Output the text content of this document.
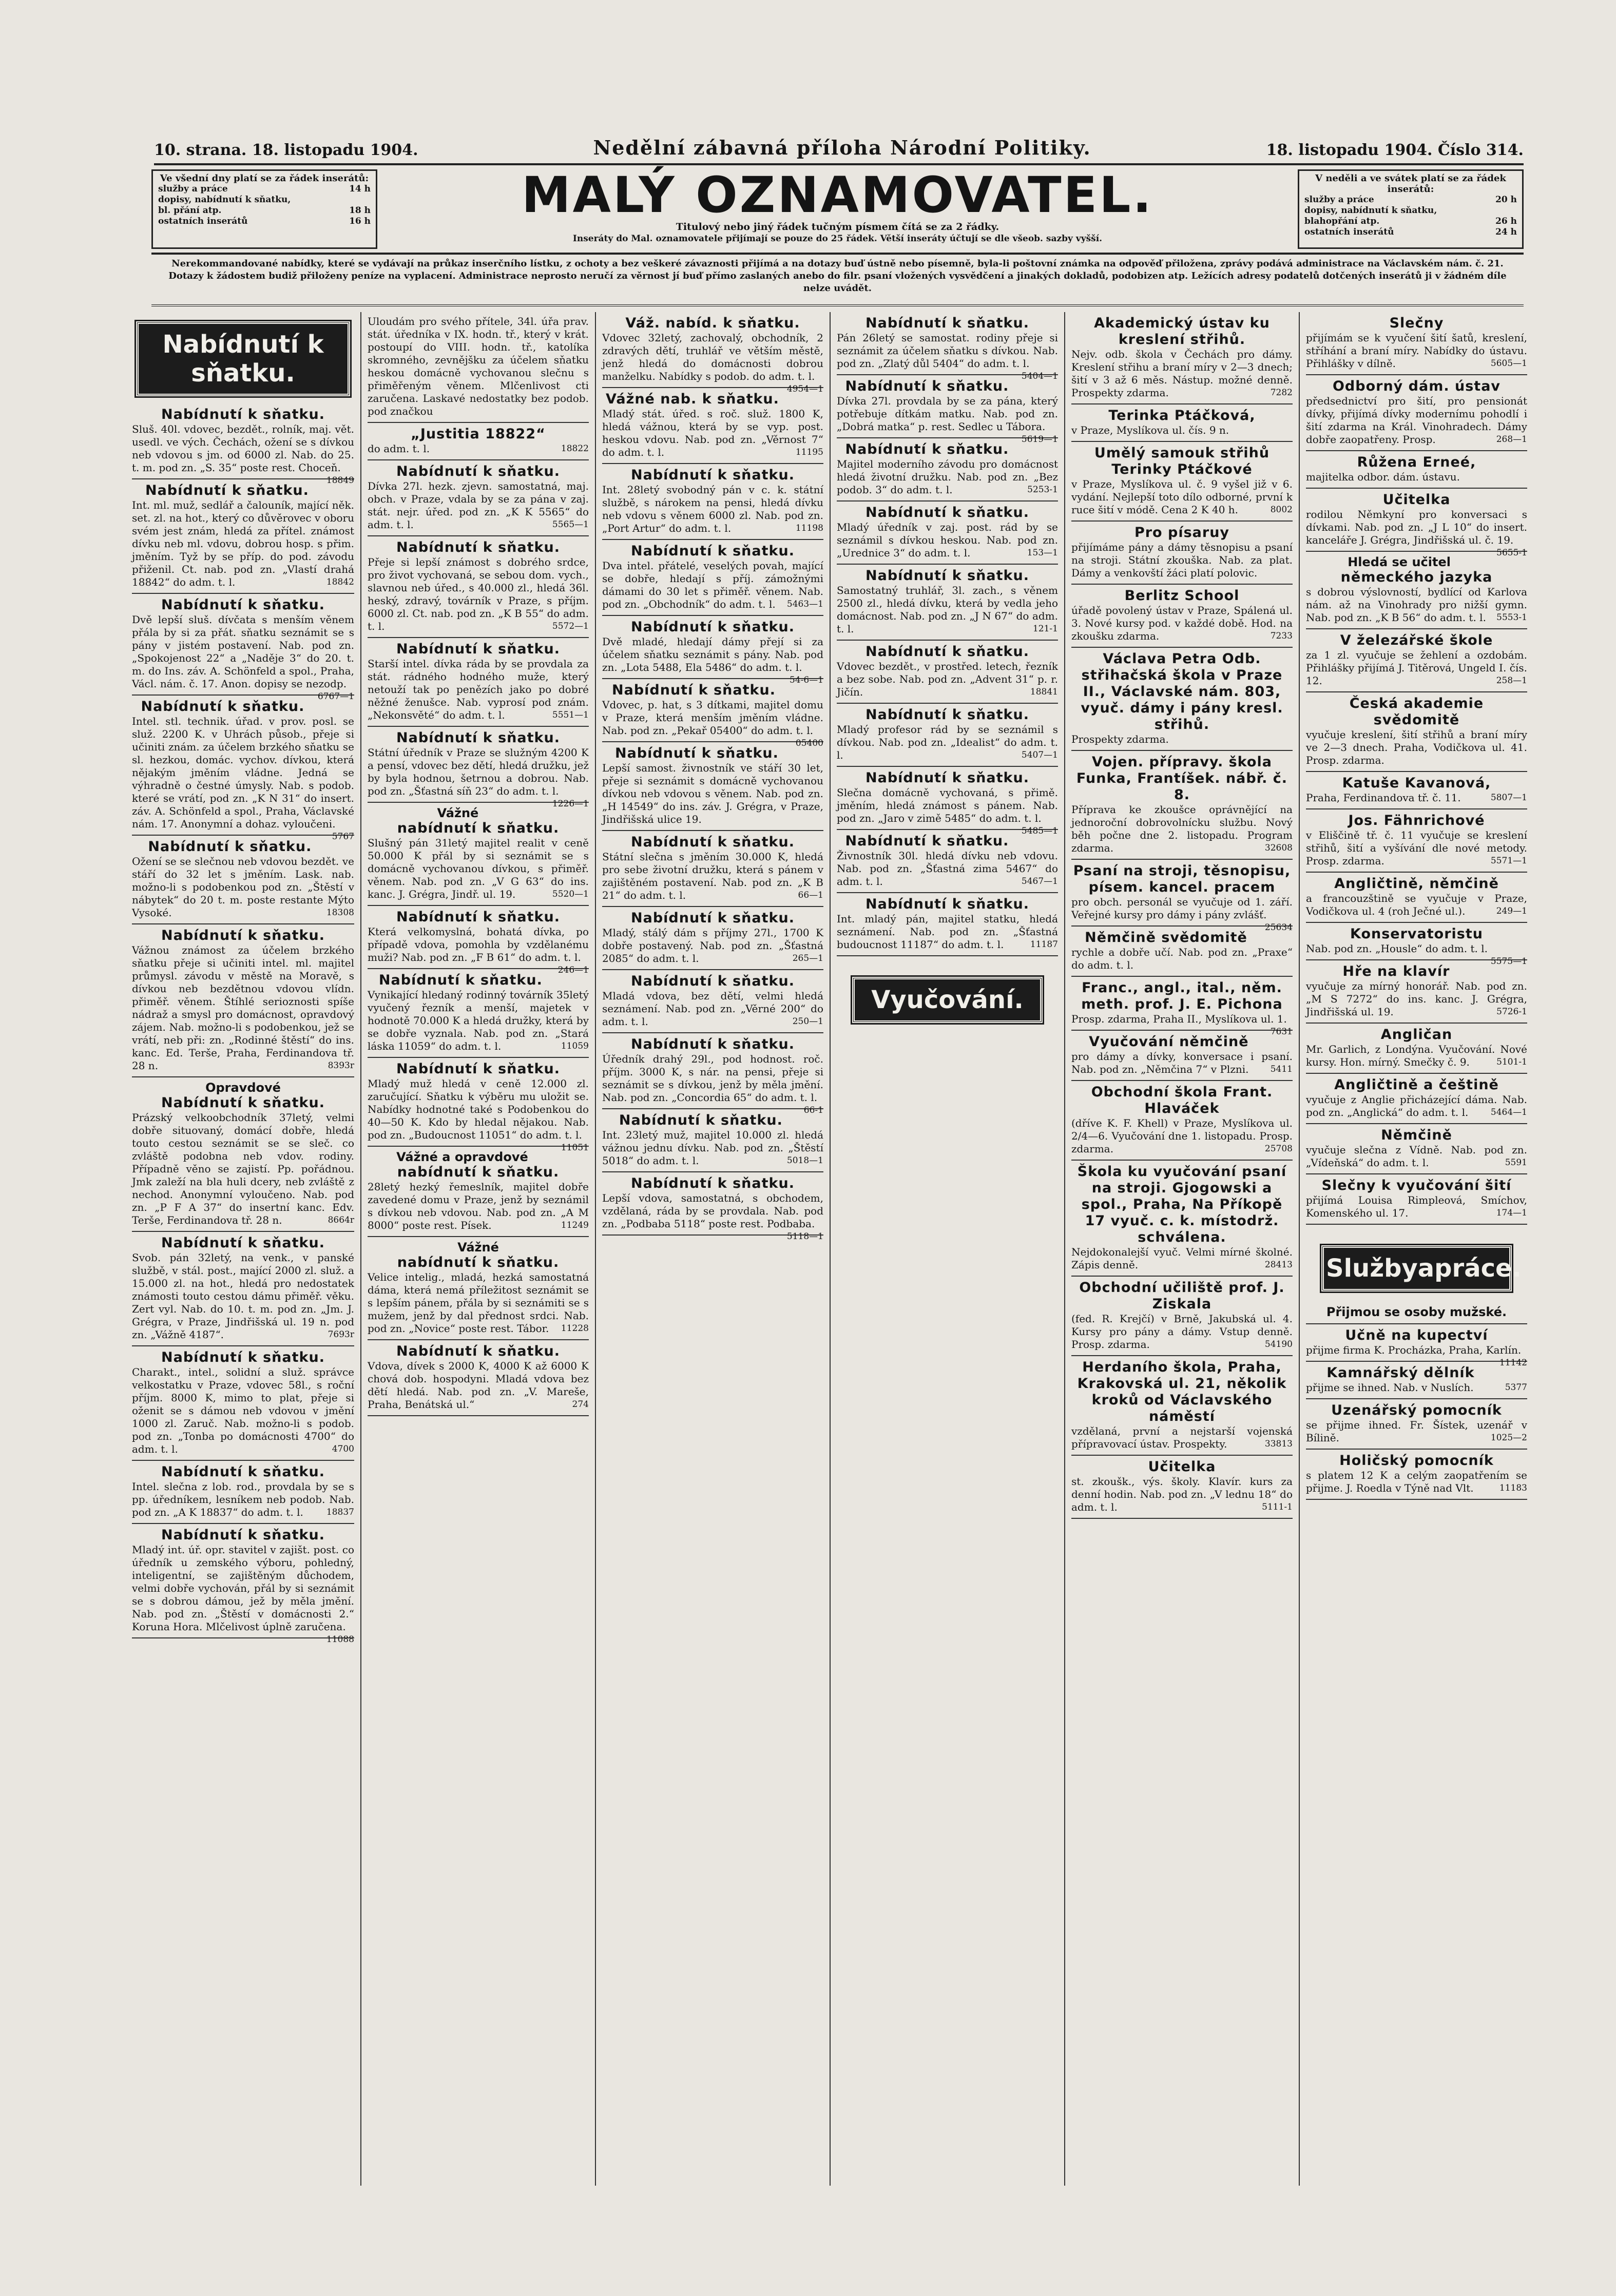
10. strana. 18. listopadu 1904.	Nedělní zábavná příloha Národní Politiky.	18. listopadu 1904. Číslo 314.
Ve všední dny platí se za řádek inserátů:
služby a práce	14 h
dopisy, nabídnutí k sňatku,
bl. přání atp.	18 h
ostatních inserátů	16 h	MALÝ OZNAMOVATEL.
Titulový nebo jiný řádek tučným písmem čítá se za 2 řádky.
Inseráty do Mal. oznamovatele přijímají se pouze do 25 řádek. Větší inseráty účtují se dle všeob. sazby vyšší.
V neděli a ve svátek platí se za řádek inserátů:
služby a práce	20 h
dopisy, nabídnutí k sňatku,
blahopřání atp.	26 h
ostatních inserátů	24 h
Nerekommandované nabídky, které se vydávají na průkaz inserčního lístku, z ochoty a bez veškeré závaznosti přijímá a na dotazy buď ústně nebo písemně, byla-li poštovní známka na odpověď přiložena, zprávy podává administrace na Václavském nám. č. 21. Dotazy k žádostem budiž přiloženy peníze na vyplacení. Administrace neprosto neručí za věrnost jí buď přímo zaslaných anebo do filr. psaní vložených vysvědčení a jinakých dokladů, podobizen atp. Ležících adresy podatelů dotčených inserátů ji v žádném díle nelze uvádět.
Nabídnutí k sňatku.
Nabídnutí k sňatku.
Sluš. 40l. vdovec, bezdět., rolník, maj. vět. usedl. ve vých. Čechách, ožení se s dívkou neb vdovou s jm. od 6000 zl. Nab. do 25. t. m. pod zn. „S. 35“ poste rest. Choceň.
18849
Nabídnutí k sňatku.
Int. ml. muž, sedlář a čalouník, mající něk. set. zl. na hot., který co důvěrovec v oboru svém jest znám, hledá za přítel. známost dívku neb ml. vdovu, dobrou hosp. s přim. jměním. Tyž by se příp. do pod. závodu přiženil. Ct. nab. pod zn. „Vlastí drahá 18842“ do adm. t. l.	18842
Nabídnutí k sňatku.
Dvě lepší sluš. dívčata s menším věnem přála by si za přát. sňatku seznámit se s pány v jistém postavení. Nab. pod zn. „Spokojenost 22“ a „Naděje 3“ do 20. t. m. do Ins. záv. A. Schönfeld a spol., Praha, Václ. nám. č. 17. Anon. dopisy se nezodp.
6767—1
Nabídnutí k sňatku.
Intel. stl. technik. úřad. v prov. posl. se služ. 2200 K. v Uhrách působ., přeje si učiniti znám. za účelem brzkého sňatku se sl. hezkou, domác. vychov. dívkou, která nějakým jměním vládne. Jedná se výhradně o čestné úmysly. Nab. s podob. které se vrátí, pod zn. „K N 31“ do insert. záv. A. Schönfeld a spol., Praha, Václavské nám. 17. Anonymní a dohaz. vyloučeni.
5767
Nabídnutí k sňatku.
Ožení se se slečnou neb vdovou bezdět. ve stáří do 32 let s jměním. Lask. nab. možno-li s podobenkou pod zn. „Štěstí v nábytek“ do 20 t. m. poste restante Mýto Vysoké.	18308
Nabídnutí k sňatku.
Vážnou známost za účelem brzkého sňatku přeje si učiniti intel. ml. majitel průmysl. závodu v městě na Moravě, s dívkou neb bezdětnou vdovou vlídn. přiměř. věnem. Štíhlé serioznosti spíše nádraž a smysl pro domácnost, opravdový zájem. Nab. možno-li s podobenkou, jež se vrátí, neb při: zn. „Rodinné štěstí“ do ins. kanc. Ed. Terše, Praha, Ferdinandova tř. 28 n.	8393r
Opravdové
Nabídnutí k sňatku.
Prázský velkoobchodník 37letý, velmi dobře situovaný, domácí dobře, hledá touto cestou seznámit se se sleč. co zvláště podobna neb vdov. rodiny. Případně věno se zajistí. Pp. pořádnou. Jmk zaleží na bla huli dcery, neb zvláště z nechod. Anonymní vyloučeno. Nab. pod zn. „P F A 37“ do insertní kanc. Edv. Terše, Ferdinandova tř. 28 n.	8664r
Nabídnutí k sňatku.
Svob. pán 32letý, na venk., v panské službě, v stál. post., mající 2000 zl. služ. a 15.000 zl. na hot., hledá pro nedostatek známosti touto cestou dámu přiměř. věku. Zert vyl. Nab. do 10. t. m. pod zn. „Jm. J. Grégra, v Praze, Jindřišská ul. 19 n. pod zn. „Vážně 4187“.	7693r
Nabídnutí k sňatku.
Charakt., intel., solidní a služ. správce velkostatku v Praze, vdovec 58l., s roční příjm. 8000 K, mimo to plat, přeje si oženit se s dámou neb vdovou v jmění 1000 zl. Zaruč. Nab. možno-li s podob. pod zn. „Tonba po domácnosti 4700“ do adm. t. l.	4700
Nabídnutí k sňatku.
Intel. slečna z lob. rod., provdala by se s pp. úředníkem, lesníkem neb podob. Nab. pod zn. „A K 18837“ do adm. t. l.	18837
Nabídnutí k sňatku.
Mladý int. úř. opr. stavitel v zajišt. post. co úředník u zemského výboru, pohledný, inteligentní, se zajištěným důchodem, velmi dobře vychován, přál by si seznámit se s dobrou dámou, jež by měla jmění. Nab. pod zn. „Štěstí v domácnosti 2.“ Koruna Hora. Mlčelivost úplně zaručena.
11088
Uloudám pro svého přítele, 34l. úřa prav. stát. úředníka v IX. hodn. tř., který v krát. postoupí do VIII. hodn. tř., katolíka skromného, zevnějšku za účelem sňatku heskou domácně vychovanou slečnu s přiměřeným věnem. Mlčenlivost cti zaručena. Laskavé nedostatky bez podob. pod značkou
„Justitia 18822“
do adm. t. l.	18822
Nabídnutí k sňatku.
Dívka 27l. hezk. zjevn. samostatná, maj. obch. v Praze, vdala by se za pána v zaj. stát. nejr. úřed. pod zn. „K K 5565“ do adm. t. l.	5565—1
Nabídnutí k sňatku.
Přeje si lepší známost s dobrého srdce, pro život vychovaná, se sebou dom. vych., slavnou neb úřed., s 40.000 zl., hledá 36l. heský, zdravý, továrník v Praze, s příjm. 6000 zl. Ct. nab. pod zn. „K B 55“ do adm. t. l.	5572—1
Nabídnutí k sňatku.
Starší intel. dívka ráda by se provdala za stát. rádného hodného muže, který netouží tak po penězích jako po dobré něžné ženušce. Nab. vyprosí pod znám. „Nekonsvěté“ do adm. t. l.	5551—1
Nabídnutí k sňatku.
Státní úředník v Praze se služným 4200 K a pensí, vdovec bez dětí, hledá družku, jež by byla hodnou, šetrnou a dobrou. Nab. pod zn. „Šťastná síň 23“ do adm. t. l.
1226—1
Vážné
nabídnutí k sňatku.
Slušný pán 31letý majitel realit v ceně 50.000 K přál by si seznámit se s domácně vychovanou dívkou, s přiměř. věnem. Nab. pod zn. „V G 63“ do ins. kanc. J. Grégra, Jindř. ul. 19.	5520—1
Nabídnutí k sňatku.
Která velkomyslná, bohatá dívka, po případě vdova, pomohla by vzdělanému muži? Nab. pod zn. „F B 61“ do adm. t. l.
246—1
Nabídnutí k sňatku.
Vynikající hledaný rodinný továrník 35letý vyučený řezník a menší, majetek v hodnotě 70.000 K a hledá družky, která by se dobře vyznala. Nab. pod zn. „Stará láska 11059“ do adm. t. l.	11059
Nabídnutí k sňatku.
Mladý muž hledá v ceně 12.000 zl. zaručující. Sňatku k výběru mu uložit se. Nabídky hodnotné také s Podobenkou do 40—50 K. Kdo by hledal nějakou. Nab. pod zn. „Budoucnost 11051“ do adm. t. l.
11051
Vážné a opravdové
nabídnutí k sňatku.
28letý hezký řemeslník, majitel dobře zavedené domu v Praze, jenž by seznámil s dívkou neb vdovou. Nab. pod zn. „A M 8000“ poste rest. Písek.	11249
Vážné
nabídnutí k sňatku.
Velice intelig., mladá, hezká samostatná dáma, která nemá příležitost seznámit se s lepším pánem, přála by si seznámiti se s mužem, jenž by dal přednost srdci. Nab. pod zn. „Novice“ poste rest. Tábor.	11228
Nabídnutí k sňatku.
Vdova, dívek s 2000 K, 4000 K až 6000 K chová dob. hospodyni. Mladá vdova bez dětí hledá. Nab. pod zn. „V. Mareše, Praha, Benátská ul.“	274
Váž. nabíd. k sňatku.
Vdovec 32letý, zachovalý, obchodník, 2 zdravých dětí, truhlář ve větším městě, jenž hledá do domácnosti dobrou manželku. Nabídky s podob. do adm. t. l.
4954—1
Vážné nab. k sňatku.
Mladý stát. úřed. s roč. služ. 1800 K, hledá vážnou, která by se vyp. post. heskou vdovu. Nab. pod zn. „Věrnost 7“ do adm. t. l.	11195
Nabídnutí k sňatku.
Int. 28letý svobodný pán v c. k. státní službě, s nárokem na pensi, hledá dívku neb vdovu s věnem 6000 zl. Nab. pod zn. „Port Artur“ do adm. t. l.	11198
Nabídnutí k sňatku.
Dva intel. přátelé, veselých povah, mající se dobře, hledají s příj. zámožnými dámami do 30 let s přiměř. věnem. Nab. pod zn. „Obchodník“ do adm. t. l.	5463—1
Nabídnutí k sňatku.
Dvě mladé, hledají dámy přejí si za účelem sňatku seznámit s pány. Nab. pod zn. „Lota 5488, Ela 5486“ do adm. t. l.
54-6—1
Nabídnutí k sňatku.
Vdovec, p. hat, s 3 dítkami, majitel domu v Praze, která menším jměním vládne. Nab. pod zn. „Pekař 05400“ do adm. t. l.
05400
Nabídnutí k sňatku.
Lepší samost. živnostník ve stáří 30 let, přeje si seznámit s domácně vychovanou dívkou neb vdovou s věnem. Nab. pod zn. „H 14549“ do ins. záv. J. Grégra, v Praze, Jindřišská ulice 19.
Nabídnutí k sňatku.
Státní slečna s jměním 30.000 K, hledá pro sebe životní družku, která s pánem v zajištěném postavení. Nab. pod zn. „K B 21“ do adm. t. l.	66—1
Nabídnutí k sňatku.
Mladý, stálý dám s příjmy 27l., 1700 K dobře postavený. Nab. pod zn. „Šťastná 2085“ do adm. t. l.	265—1
Nabídnutí k sňatku.
Mladá vdova, bez dětí, velmi hledá seznámení. Nab. pod zn. „Věrné 200“ do adm. t. l.	250—1
Nabídnutí k sňatku.
Úředník drahý 29l., pod hodnost. roč. příjm. 3000 K, s nár. na pensi, přeje si seznámit se s dívkou, jenž by měla jmění. Nab. pod zn. „Concordia 65“ do adm. t. l.
66-1
Nabídnutí k sňatku.
Int. 23letý muž, majitel 10.000 zl. hledá vážnou jednu dívku. Nab. pod zn. „Štěstí 5018“ do adm. t. l.	5018—1
Nabídnutí k sňatku.
Lepší vdova, samostatná, s obchodem, vzdělaná, ráda by se provdala. Nab. pod zn. „Podbaba 5118“ poste rest. Podbaba.
5118—1
Nabídnutí k sňatku.
Pán 26letý se samostat. rodiny přeje si seznámit za účelem sňatku s dívkou. Nab. pod zn. „Zlatý důl 5404“ do adm. t. l.
5404—1
Nabídnutí k sňatku.
Dívka 27l. provdala by se za pána, který potřebuje dítkám matku. Nab. pod zn. „Dobrá matka“ p. rest. Sedlec u Tábora.
5619—1
Nabídnutí k sňatku.
Majitel moderního závodu pro domácnost hledá životní družku. Nab. pod zn. „Bez podob. 3“ do adm. t. l.	5253-1
Nabídnutí k sňatku.
Mladý úředník v zaj. post. rád by se seznámil s dívkou heskou. Nab. pod zn. „Urednice 3“ do adm. t. l.	153—1
Nabídnutí k sňatku.
Samostatný truhlář, 3l. zach., s věnem 2500 zl., hledá dívku, která by vedla jeho domácnost. Nab. pod zn. „J N 67“ do adm. t. l.	121-1
Nabídnutí k sňatku.
Vdovec bezdět., v prostřed. letech, řezník a bez sobe. Nab. pod zn. „Advent 31“ p. r. Jičín.	18841
Nabídnutí k sňatku.
Mladý profesor rád by se seznámil s dívkou. Nab. pod zn. „Idealist“ do adm. t. l.	5407—1
Nabídnutí k sňatku.
Slečna domácně vychovaná, s přimě. jměním, hledá známost s pánem. Nab. pod zn. „Jaro v zimě 5485“ do adm. t. l.
5485—1
Nabídnutí k sňatku.
Živnostník 30l. hledá dívku neb vdovu. Nab. pod zn. „Šťastná zima 5467“ do adm. t. l.	5467—1
Nabídnutí k sňatku.
Int. mladý pán, majitel statku, hledá seznámení. Nab. pod zn. „Šťastná budoucnost 11187“ do adm. t. l.	11187
Vyučování.
Akademický ústav ku kreslení střihů.
Nejv. odb. škola v Čechách pro dámy. Kreslení střihu a braní míry v 2—3 dnech; šití v 3 až 6 měs. Nástup. možné denně. Prospekty zdarma.	7282
Terinka Ptáčková,
v Praze, Myslíkova ul. čís. 9 n.
Umělý samouk střihů Terinky Ptáčkové
v Praze, Myslíkova ul. č. 9 vyšel již v 6. vydání. Nejlepší toto dílo odborné, první k ruce šití v módě. Cena 2 K 40 h.	8002
Pro písaruy
přijímáme pány a dámy těsnopisu a psaní na stroji. Státní zkouška. Nab. za plat. Dámy a venkovští žáci platí polovic.
Berlitz School
úřadě povolený ústav v Praze, Spálená ul. 3. Nové kursy pod. v každé době. Hod. na zkoušku zdarma.	7233
Václava Petra Odb. střihačská škola v Praze II., Václavské nám. 803, vyuč. dámy i pány kresl. střihů.
Prospekty zdarma.
Vojen. přípravy. škola Funka, Frantíšek. nábř. č. 8.
Příprava ke zkoušce oprávnějící na jednoroční dobrovolnícku službu. Nový běh počne dne 2. listopadu. Program zdarma.	32608
Psaní na stroji, těsnopisu, písem. kancel. pracem
pro obch. personál se vyučuje od 1. září. Veřejné kursy pro dámy i pány zvlášť.
25634
Němčině svědomitě
rychle a dobře učí. Nab. pod zn. „Praxe“ do adm. t. l.
Franc., angl., ital., něm. meth. prof. J. E. Pichona
Prosp. zdarma, Praha II., Myslíkova ul. 1.
7631
Vyučování němčině
pro dámy a dívky, konversace i psaní. Nab. pod zn. „Němčina 7“ v Plzni.	5411
Obchodní škola Frant. Hlaváček
(dříve K. F. Khell) v Praze, Myslíkova ul. 2/4—6. Vyučování dne 1. listopadu. Prosp. zdarma.	25708
Škola ku vyučování psaní na stroji. Gjogowski a spol., Praha, Na Příkopě 17 vyuč. c. k. místodrž. schválena.
Nejdokonalejší vyuč. Velmi mírné školné. Zápis denně.	28413
Obchodní učiliště prof. J. Ziskala
(fed. R. Krejčí) v Brně, Jakubská ul. 4. Kursy pro pány a dámy. Vstup denně. Prosp. zdarma.	54190
Herdaního škola, Praha, Krakovská ul. 21, několik kroků od Václavského náměstí
vzdělaná, první a nejstarší vojenská přípravovací ústav. Prospekty.	33813
Učitelka
st. zkoušk., výs. školy. Klavír. kurs za denní hodin. Nab. pod zn. „V lednu 18“ do adm. t. l.	5111-1
Slečny
přijímám se k vyučení šití šatů, kreslení, stříhání a braní míry. Nabídky do ústavu. Přihlášky v dílně.	5605—1
Odborný dám. ústav
předsednictví pro šití, pro pensionát dívky, přijímá dívky modernímu pohodlí i šití zdarma na Král. Vinohradech. Dámy dobře zaopatřeny. Prosp.	268—1
Růžena Erneé,
majitelka odbor. dám. ústavu.
Učitelka
rodilou Němkyní pro konversaci s dívkami. Nab. pod zn. „J L 10“ do insert. kanceláře J. Grégra, Jindřišská ul. č. 19.
5655-1
Hledá se učitel
německého jazyka
s dobrou výslovností, bydlící od Karlova nám. až na Vinohrady pro nižší gymn. Nab. pod zn. „K B 56“ do adm. t. l.	5553-1
V železářské škole
za 1 zl. vyučuje se žehlení a ozdobám. Přihlášky přijímá J. Titěrová, Ungeld I. čís. 12.	258—1
Česká akademie svědomitě
vyučuje kreslení, šití střihů a braní míry ve 2—3 dnech. Praha, Vodičkova ul. 41. Prosp. zdarma.
Katuše Kavanová,
Praha, Ferdinandova tř. č. 11.	5807—1
Jos. Fähnrichové
v Eliščině tř. č. 11 vyučuje se kreslení střihů, šití a vyšívání dle nové metody. Prosp. zdarma.	5571—1
Angličtině, němčině
a francouzštině se vyučuje v Praze, Vodičkova ul. 4 (roh Ječné ul.).	249—1
Konservatoristu
Nab. pod zn. „Housle“ do adm. t. l.
5575—1
Hře na klavír
vyučuje za mírný honorář. Nab. pod zn. „M S 7272“ do ins. kanc. J. Grégra, Jindřišská ul. 19.	5726-1
Angličan
Mr. Garlich, z Londýna. Vyučování. Nové kursy. Hon. mírný. Smečky č. 9.	5101-1
Angličtině a češtině
vyučuje z Anglie přicházející dáma. Nab. pod zn. „Anglická“ do adm. t. l.	5464—1
Němčině
vyučuje slečna z Vídně. Nab. pod zn. „Vídeňská“ do adm. t. l.	5591
Slečny k vyučování šití
přijímá Louisa Rimpleová, Smíchov, Komenského ul. 17.	174—1
Službyapráce.
Přijmou se osoby mužské.
Učně na kupectví
přijme firma K. Procházka, Praha, Karlín.
11142
Kamnářský dělník
přijme se ihned. Nab. v Nuslích.	5377
Uzenářský pomocník
se přijme ihned. Fr. Šístek, uzenář v Bílině.	1025—2
Holičský pomocník
s platem 12 K a celým zaopatřením se přijme. J. Roedla v Týně nad Vlt.	11183
